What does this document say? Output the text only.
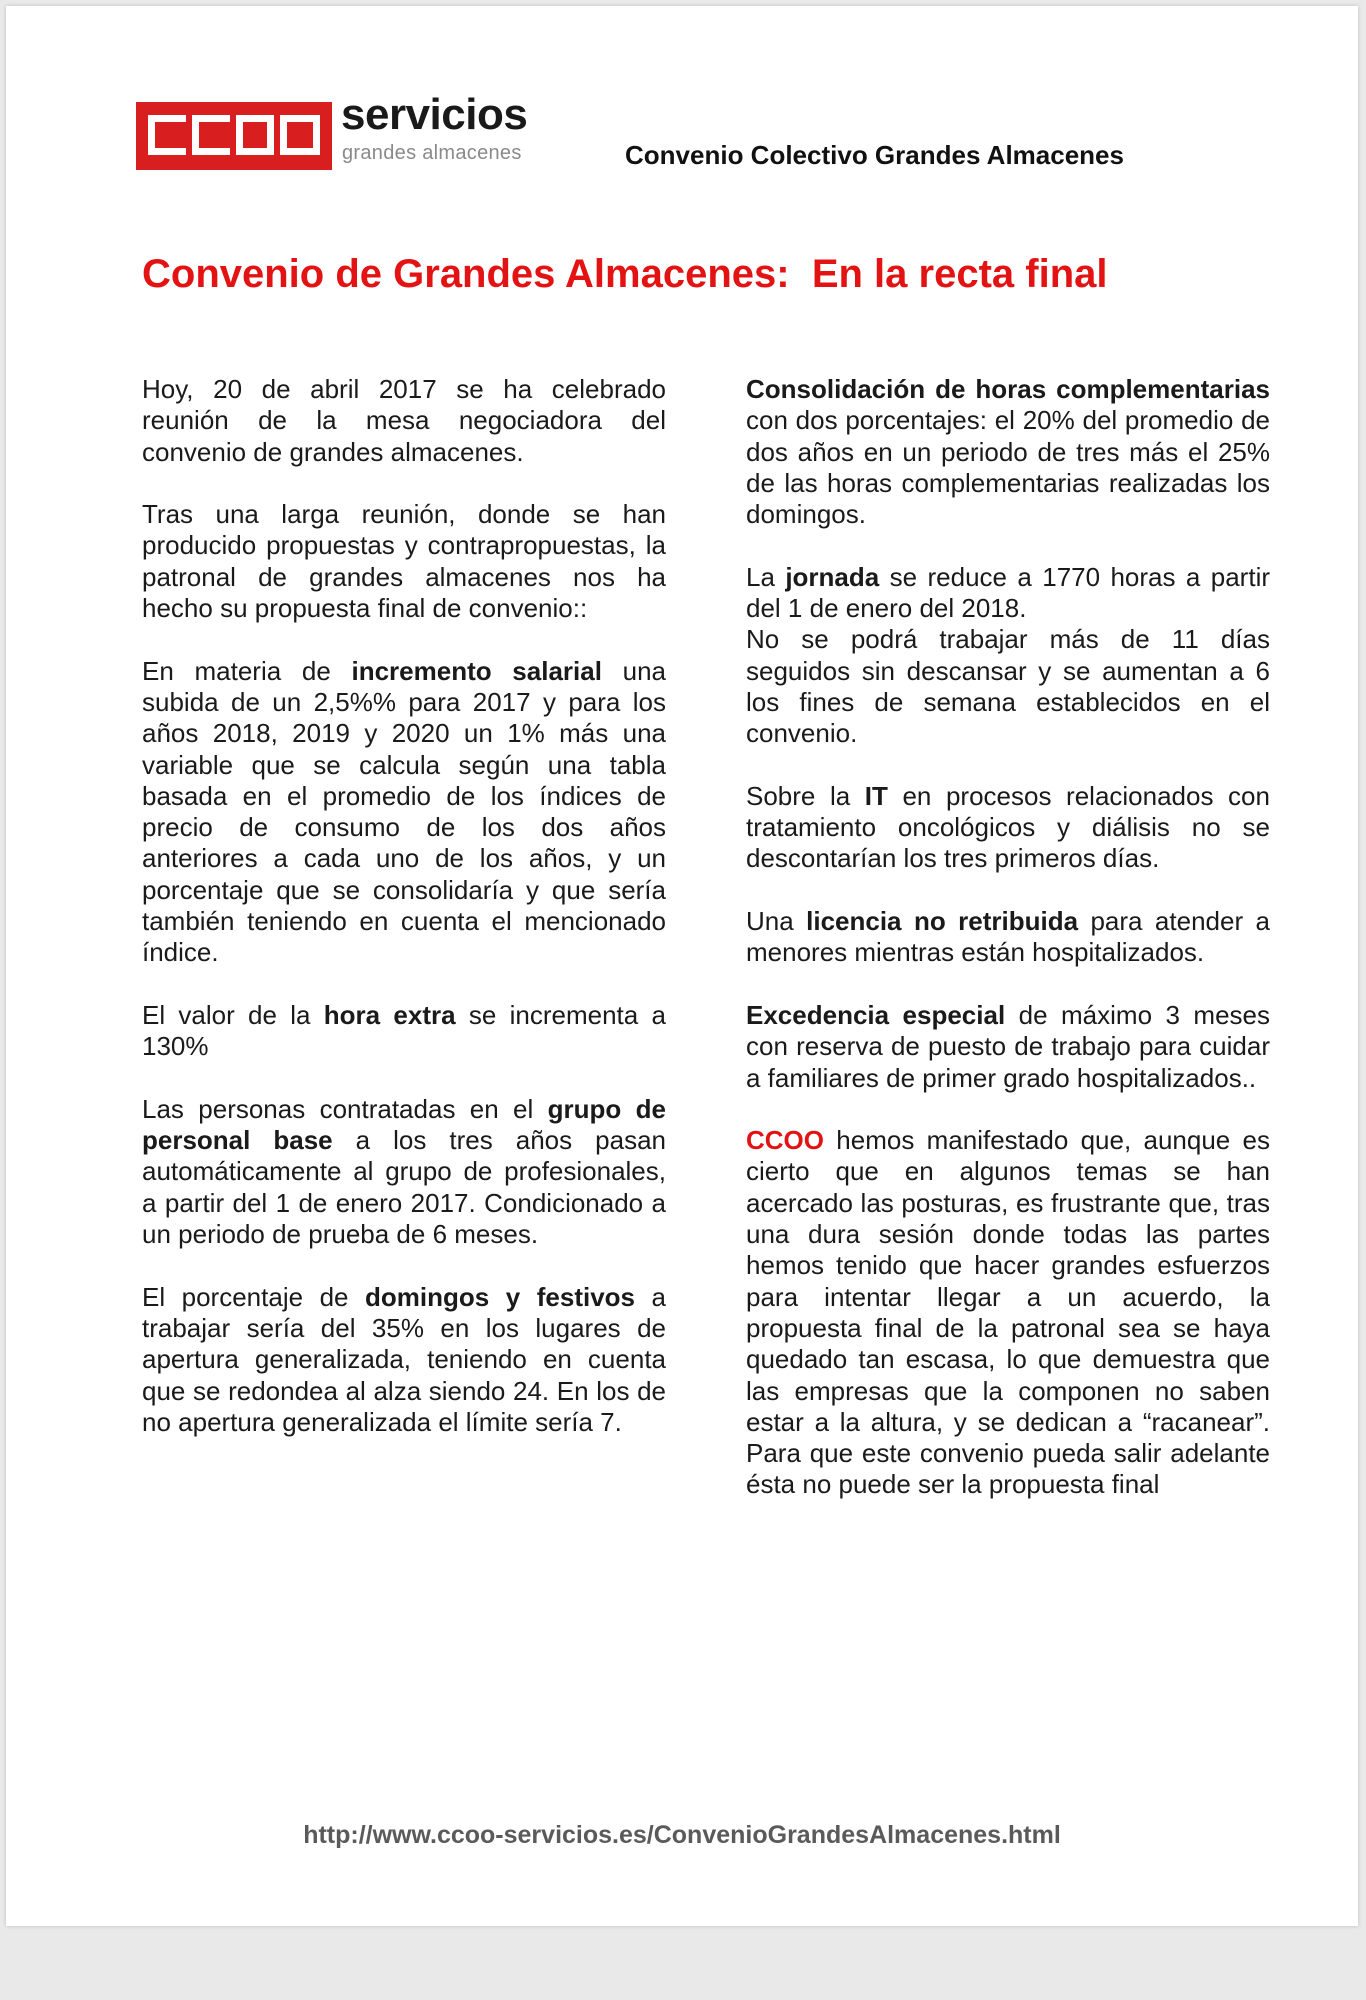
servicios
grandes almacenes	Convenio Colectivo Grandes Almacenes
Convenio de Grandes Almacenes:  En la recta final

Hoy, 20 de abril 2017 se ha celebrado reunión de la mesa negociadora del convenio de grandes almacenes.

Tras una larga reunión, donde se han producido propuestas y contrapropuestas, la patronal de grandes almacenes nos ha hecho su propuesta final de convenio::

En materia de incremento salarial una subida de un 2,5%% para 2017 y para los años 2018, 2019 y 2020 un 1% más una variable que se calcula según una tabla basada en el promedio de los índices de precio de consumo de los dos años anteriores a cada uno de los años, y un porcentaje que se consolidaría y que sería también teniendo en cuenta el mencionado índice.

El valor de la hora extra se incrementa a 130%

Las personas contratadas en el grupo de personal base a los tres años pasan automáticamente al grupo de profesionales, a partir del 1 de enero 2017. Condicionado a un periodo de prueba de 6 meses.

El porcentaje de domingos y festivos a trabajar sería del 35% en los lugares de apertura generalizada, teniendo en cuenta que se redondea al alza siendo 24. En los de no apertura generalizada el límite sería 7.

Consolidación de horas complementarias con dos porcentajes: el 20% del promedio de dos años en un periodo de tres más el 25% de las horas complementarias realizadas los domingos.

La jornada se reduce a 1770 horas a partir del 1 de enero del 2018.

No se podrá trabajar más de 11 días seguidos sin descansar y se aumentan a 6 los fines de semana establecidos en el convenio.

Sobre la IT en procesos relacionados con tratamiento oncológicos y diálisis no se descontarían los tres primeros días.

Una licencia no retribuida para atender a menores mientras están hospitalizados.

Excedencia especial de máximo 3 meses con reserva de puesto de trabajo para cuidar a familiares de primer grado hospitalizados..

CCOO hemos manifestado que, aunque es cierto que en algunos temas se han acercado las posturas, es frustrante que, tras una dura sesión donde todas las partes hemos tenido que hacer grandes esfuerzos para intentar llegar a un acuerdo, la propuesta final de la patronal sea se haya quedado tan escasa, lo que demuestra que las empresas que la componen no saben estar a la altura, y se dedican a “racanear”. Para que este convenio pueda salir adelante ésta no puede ser la propuesta final

http://www.ccoo-servicios.es/ConvenioGrandesAlmacenes.html
